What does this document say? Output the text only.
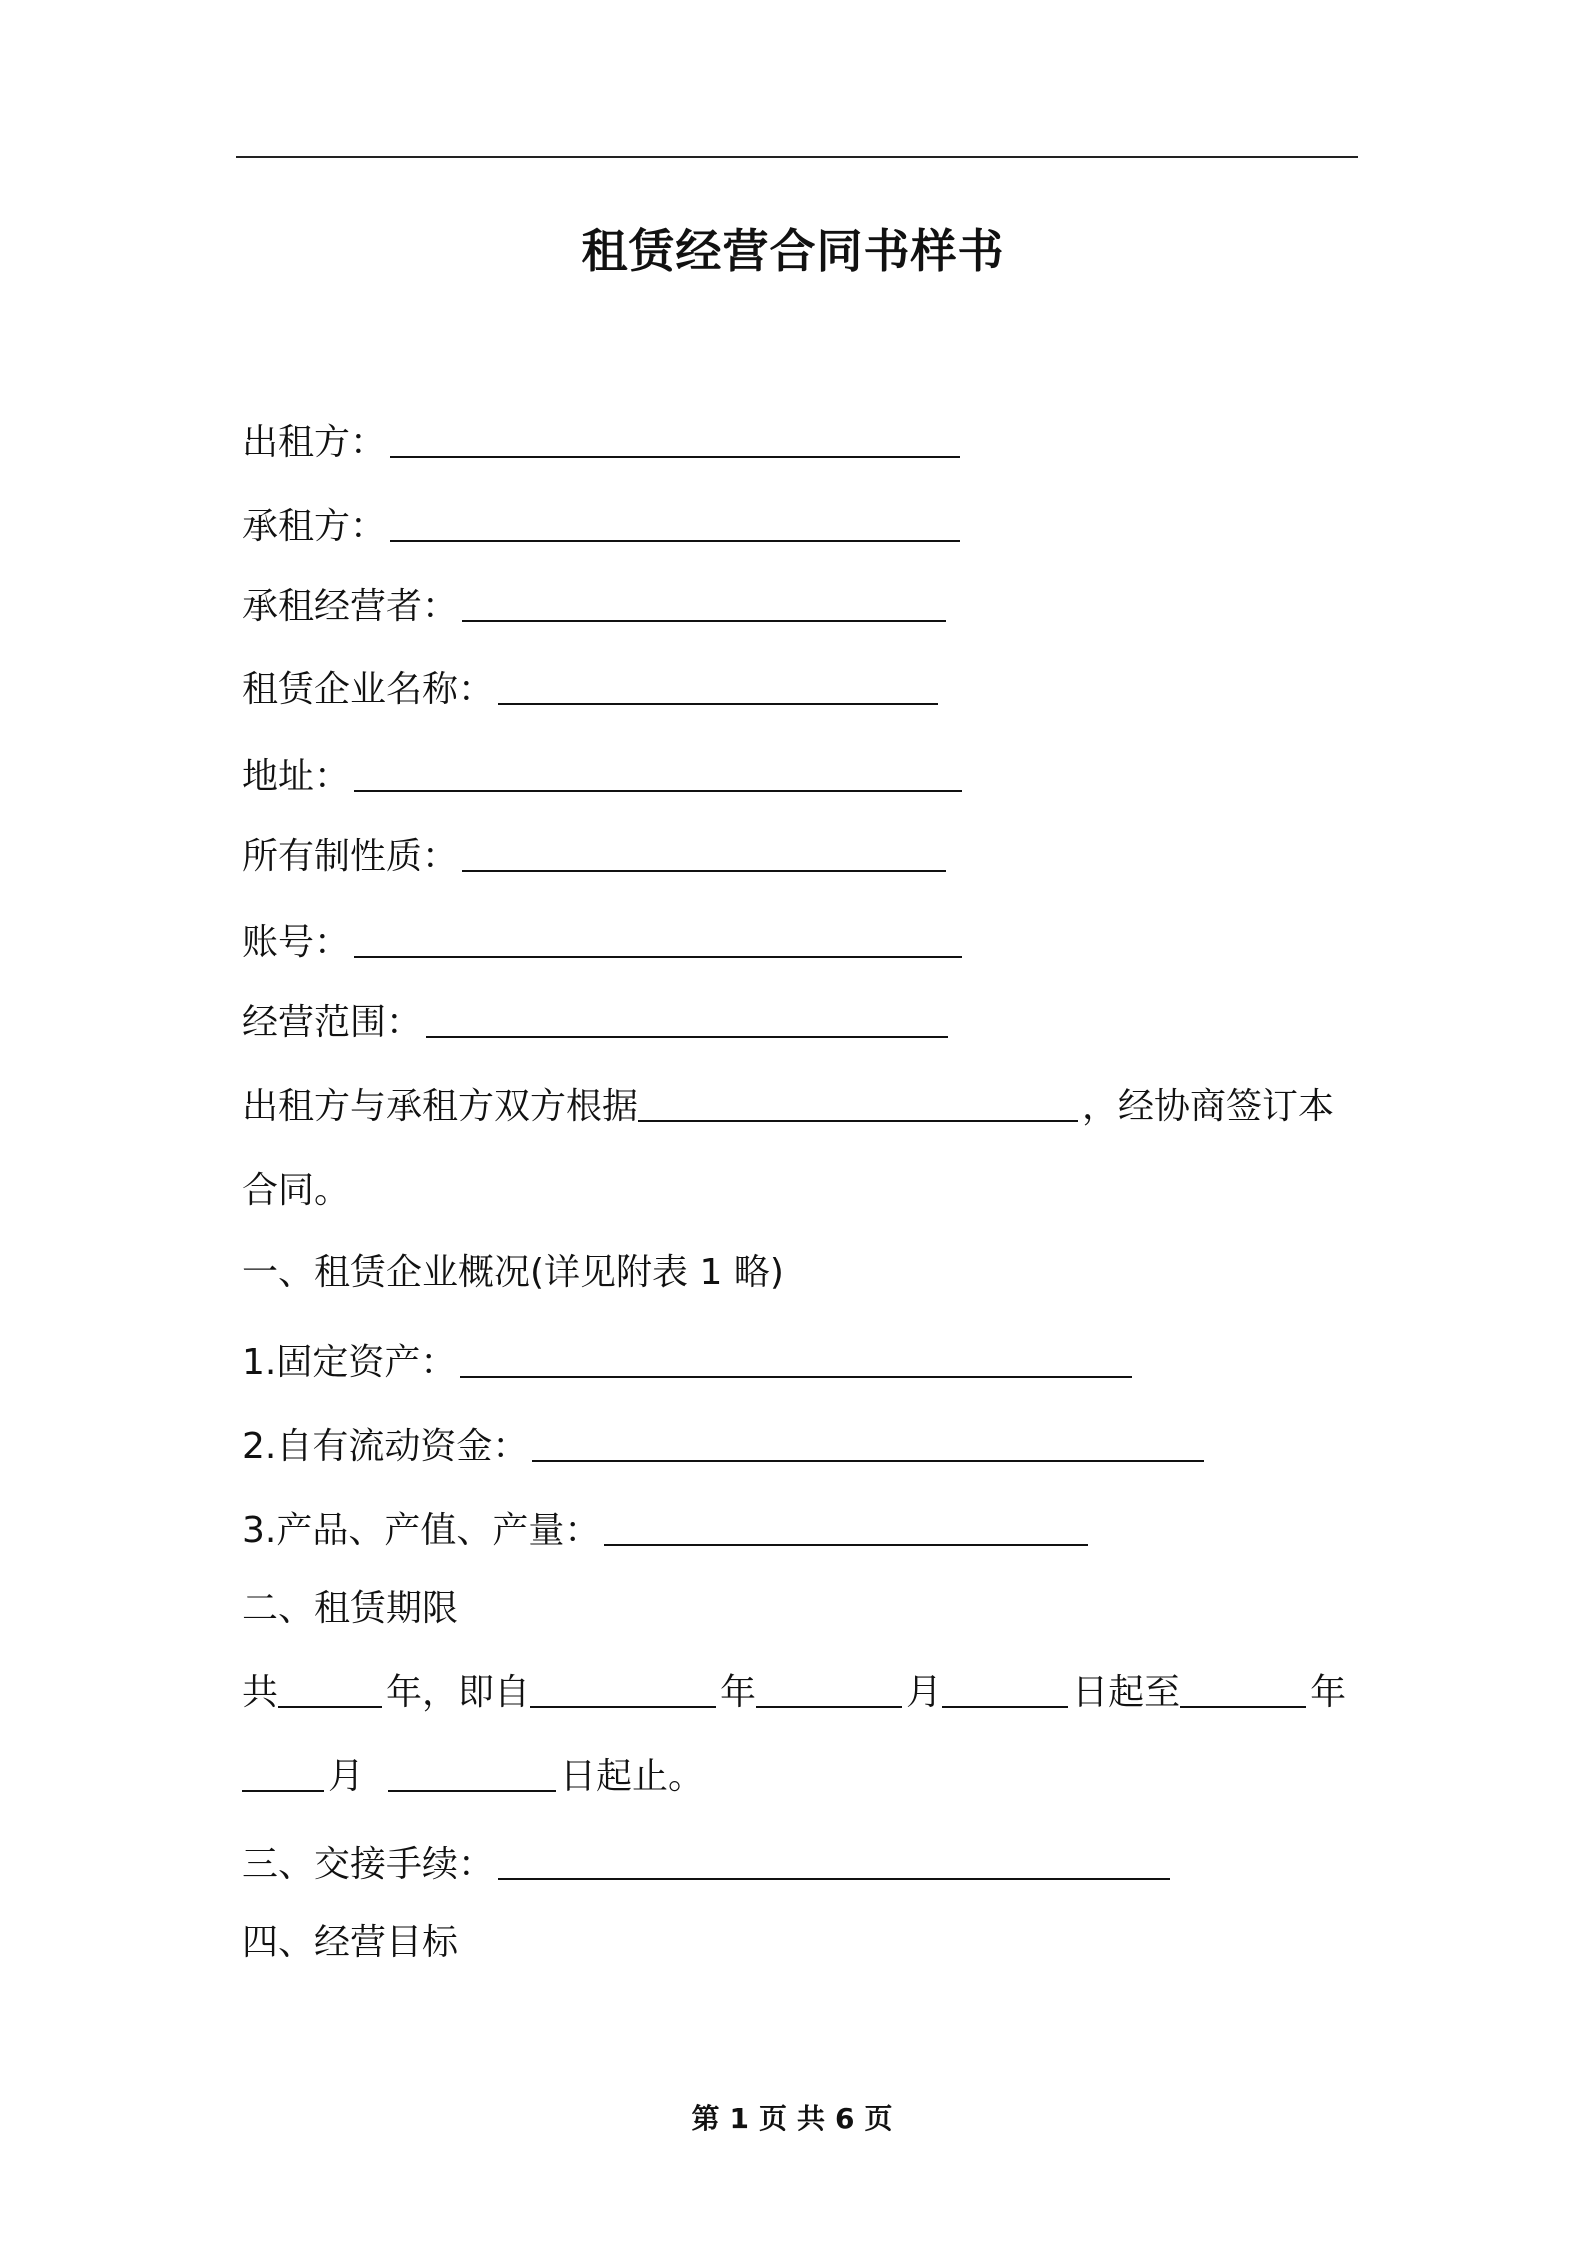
租赁经营合同书样书
出租方：
承租方：
承租经营者：
租赁企业名称：
地址：
所有制性质：
账号：
经营范围：
出租方与承租方双方根据	，经协商签订本
合同。
一、租赁企业概况(详见附表 1 略)
1.固定资产：
2.自有流动资金：
3.产品、产值、产量：
二、租赁期限
共	年，即自	年	月	日起至	年
月	日起止。
三、交接手续：
四、经营目标
第 1 页 共 6 页
